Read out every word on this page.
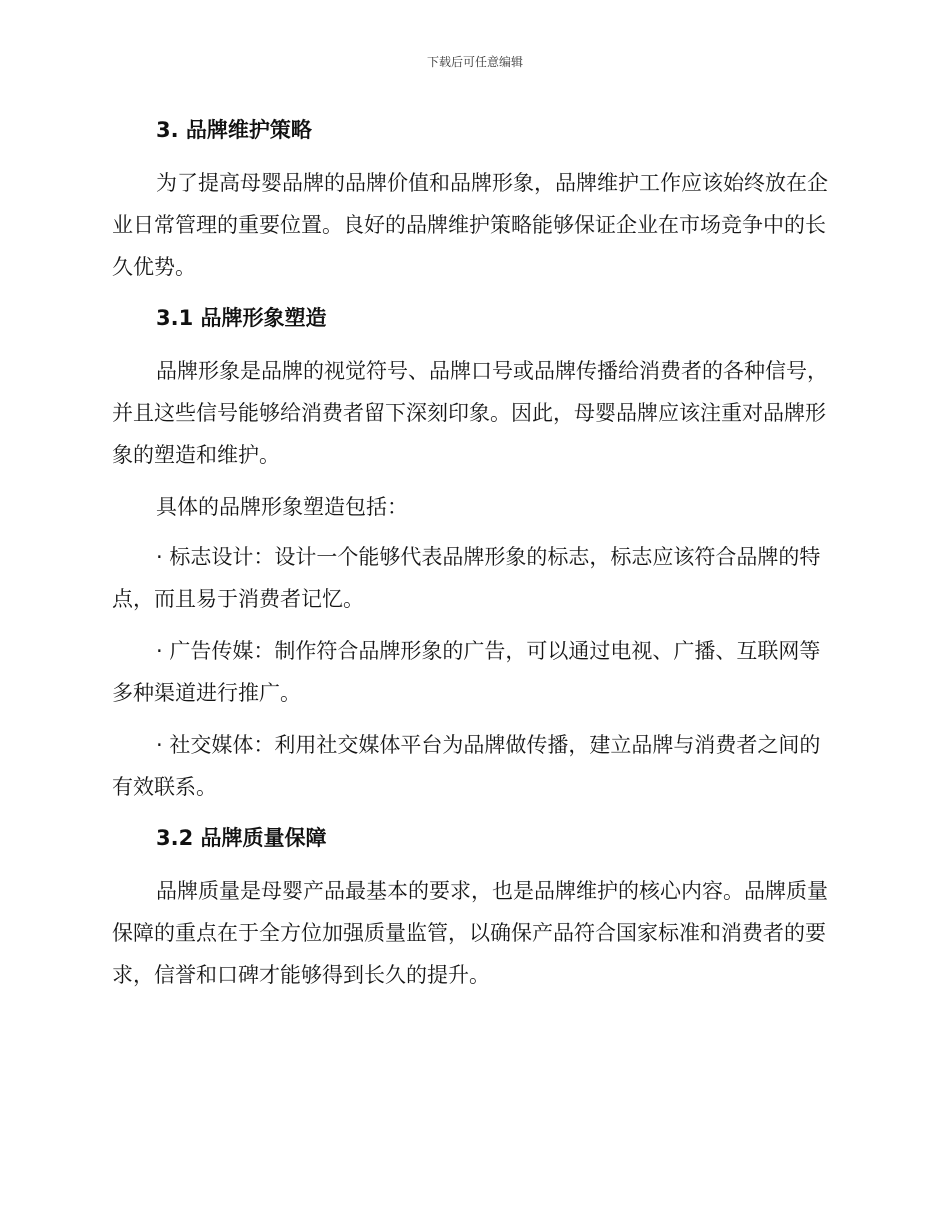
下载后可任意编辑
3. 品牌维护策略

为了提高母婴品牌的品牌价值和品牌形象，品牌维护工作应该始终放在企业日常管理的重要位置。良好的品牌维护策略能够保证企业在市场竞争中的长久优势。

3.1 品牌形象塑造

品牌形象是品牌的视觉符号、品牌口号或品牌传播给消费者的各种信号，并且这些信号能够给消费者留下深刻印象。因此，母婴品牌应该注重对品牌形象的塑造和维护。

具体的品牌形象塑造包括：

· 标志设计：设计一个能够代表品牌形象的标志，标志应该符合品牌的特点，而且易于消费者记忆。

· 广告传媒：制作符合品牌形象的广告，可以通过电视、广播、互联网等多种渠道进行推广。

· 社交媒体：利用社交媒体平台为品牌做传播，建立品牌与消费者之间的有效联系。

3.2 品牌质量保障

品牌质量是母婴产品最基本的要求，也是品牌维护的核心内容。品牌质量保障的重点在于全方位加强质量监管，以确保产品符合国家标准和消费者的要求，信誉和口碑才能够得到长久的提升。
